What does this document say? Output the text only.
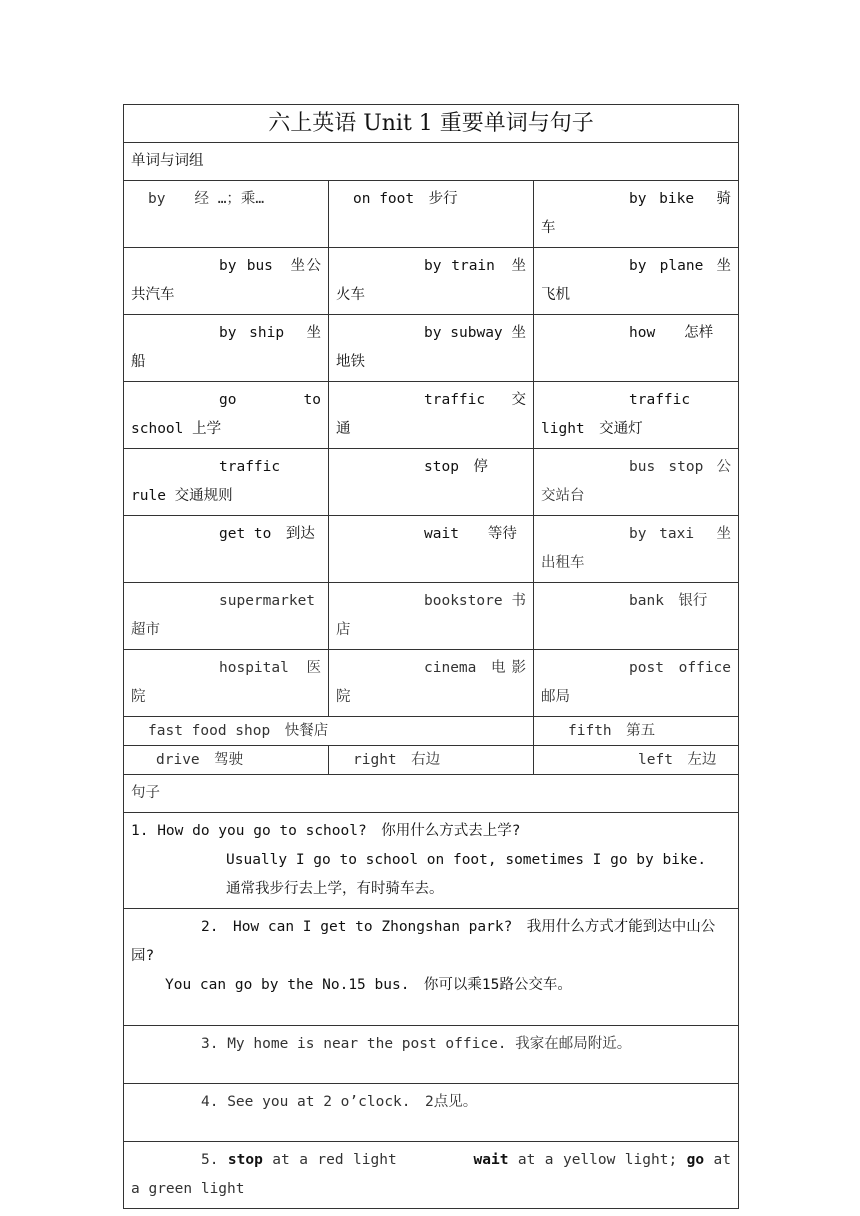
六上英语 Unit 1 重要单词与句子		
单词与词组		
by　　经 …；乘…	on foot　步行	by bike　骑车
by bus　坐公共汽车	by train　坐火车	by plane 坐飞机
by ship　坐船	by subway 坐地铁	how　　怎样
go to school 上学	traffic　交通	traffic light　交通灯
traffic rule 交通规则	stop　停	bus stop 公交站台
get to　到达	wait　　等待	by taxi　坐出租车
supermarket 超市	bookstore 书店	bank　银行
hospital 医院	cinema 电影院	post　office 邮局
fast food shop　快餐店		fifth　第五
drive　驾驶	right　右边	left　左边
句子		

1. How do you go to school?　你用什么方式去上学?
Usually I go to school on foot, sometimes I go by bike.
通常我步行去上学，有时骑车去。		

2.　How can I get to Zhongshan park?　我用什么方式才能到达中山公园?
You can go by the No.15 bus.　你可以乘15路公交车。		

3. My home is near the post office. 我家在邮局附近。		
4. See you at 2 o’clock.　2点见。		
5. stop at a red light　　　　　wait at a yellow light; go at a green light		
